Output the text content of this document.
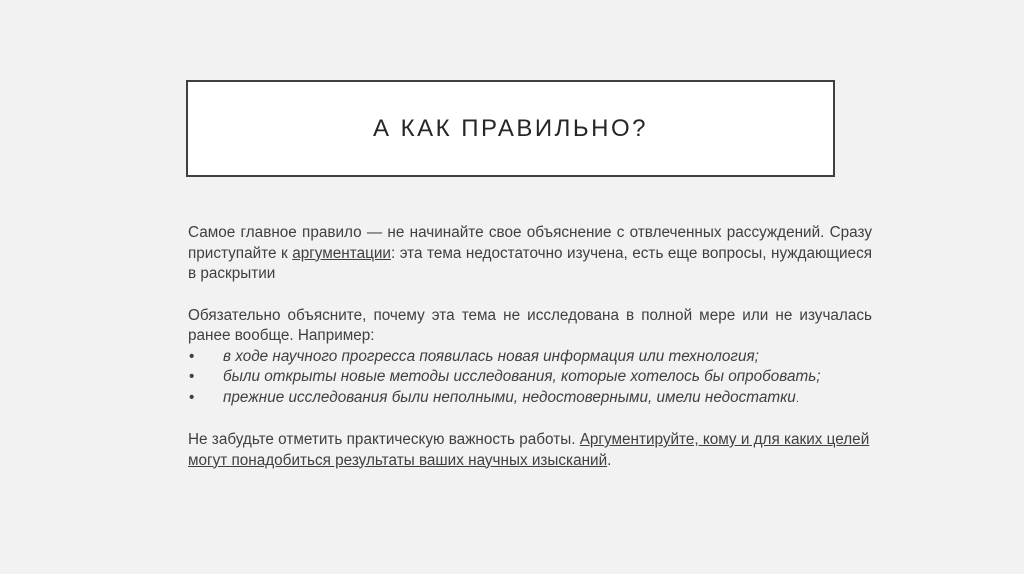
А КАК ПРАВИЛЬНО?

Самое главное правило — не начинайте свое объяснение с отвлеченных рассуждений. Сразу приступайте к аргументации: эта тема недостаточно изучена, есть еще вопросы, нуждающиеся в раскрытии

Обязательно объясните, почему эта тема не исследована в полной мере или не изучалась ранее вообще. Например:

• в ходе научного прогресса появилась новая информация или технология;
• были открыты новые методы исследования, которые хотелось бы опробовать;
• прежние исследования были неполными, недостоверными, имели недостатки.

Не забудьте отметить практическую важность работы. Аргументируйте, кому и для каких целей могут понадобиться результаты ваших научных изысканий.
